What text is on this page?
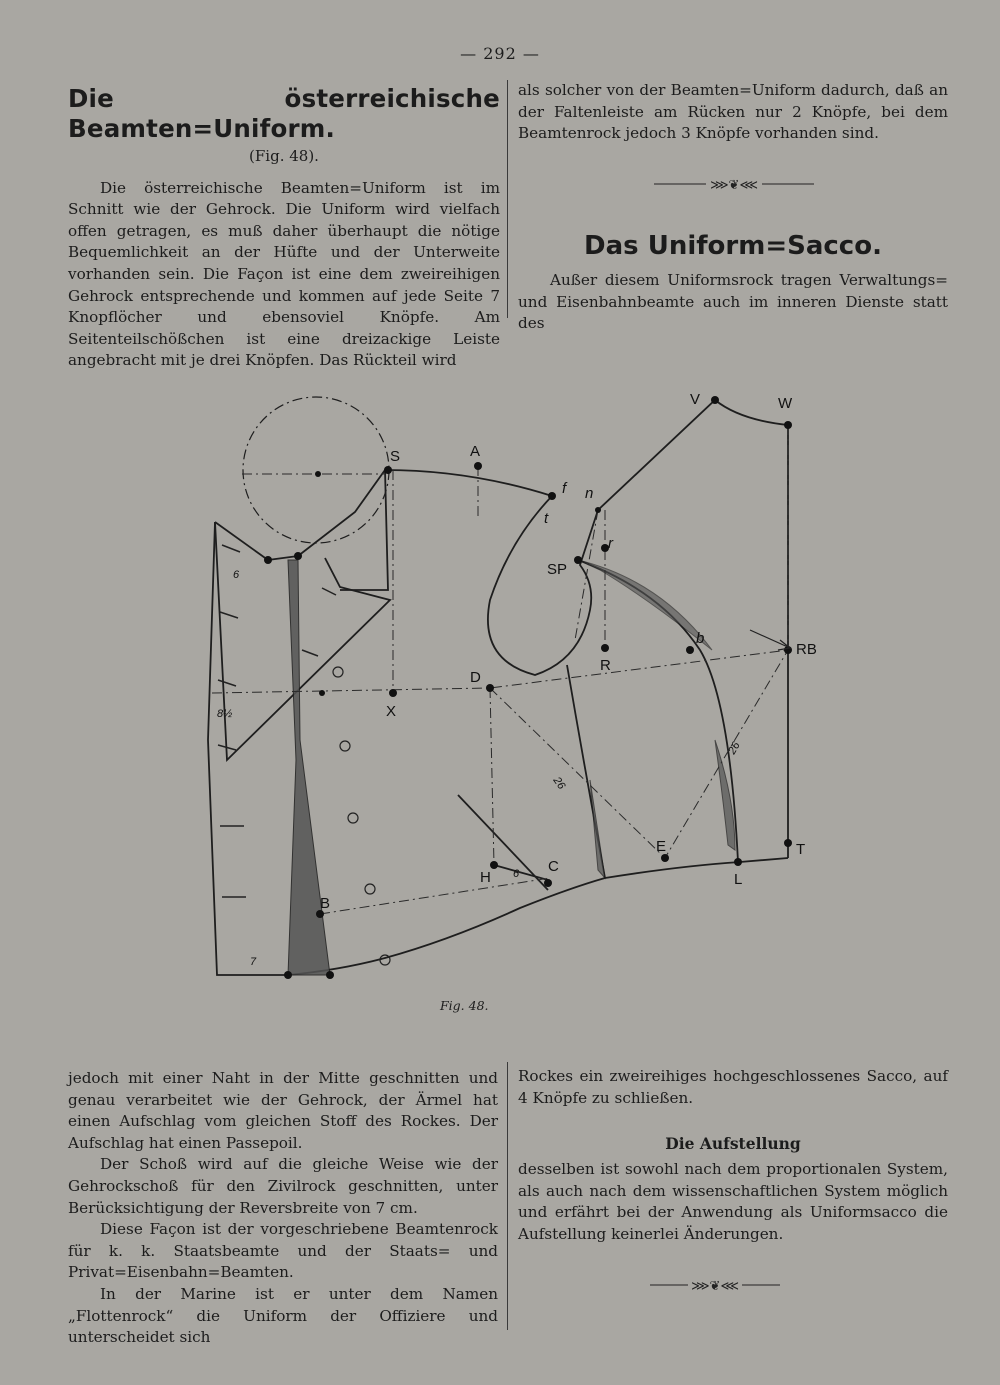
— 292 —
Die österreichische Beamten=Uniform.
(Fig. 48).

Die österreichische Beamten=Uniform ist im Schnitt wie der Gehrock. Die Uniform wird vielfach offen getragen, es muß daher überhaupt die nötige Bequemlichkeit an der Hüfte und der Unterweite vorhanden sein. Die Façon ist eine dem zweireihigen Gehrock entsprechende und kommen auf jede Seite 7 Knopflöcher und ebensoviel Knöpfe. Am Seitenteilschößchen ist eine dreizackige Leiste angebracht mit je drei Knöpfen. Das Rückteil wird

als solcher von der Beamten=Uniform dadurch, daß an der Faltenleiste am Rücken nur 2 Knöpfe, bei dem Beamtenrock jedoch 3 Knöpfe vorhanden sind.

⋙❦⋘
Das Uniform=Sacco.

Außer diesem Uniformsrock tragen Verwaltungs= und Eisenbahnbeamte auch im inneren Dienste statt des

S	A
V	W
f n
t
SP
r
b
RB
R
D
X
E
C
H 6
T
L
B
6
8½
7
26
26
Fig. 48.

jedoch mit einer Naht in der Mitte geschnitten und genau verarbeitet wie der Gehrock, der Ärmel hat einen Aufschlag vom gleichen Stoff des Rockes. Der Aufschlag hat einen Passepoil.

Der Schoß wird auf die gleiche Weise wie der Gehrockschoß für den Zivilrock geschnitten, unter Berücksichtigung der Reversbreite von 7 cm.

Diese Façon ist der vorgeschriebene Beamtenrock für k. k. Staatsbeamte und der Staats= und Privat=Eisenbahn=Beamten.

In der Marine ist er unter dem Namen „Flottenrock“ die Uniform der Offiziere und unterscheidet sich

Rockes ein zweireihiges hochgeschlossenes Sacco, auf 4 Knöpfe zu schließen.

Die Aufstellung

desselben ist sowohl nach dem proportionalen System, als auch nach dem wissenschaftlichen System möglich und erfährt bei der Anwendung als Uniformsacco die Aufstellung keinerlei Änderungen.

⋙❦⋘
